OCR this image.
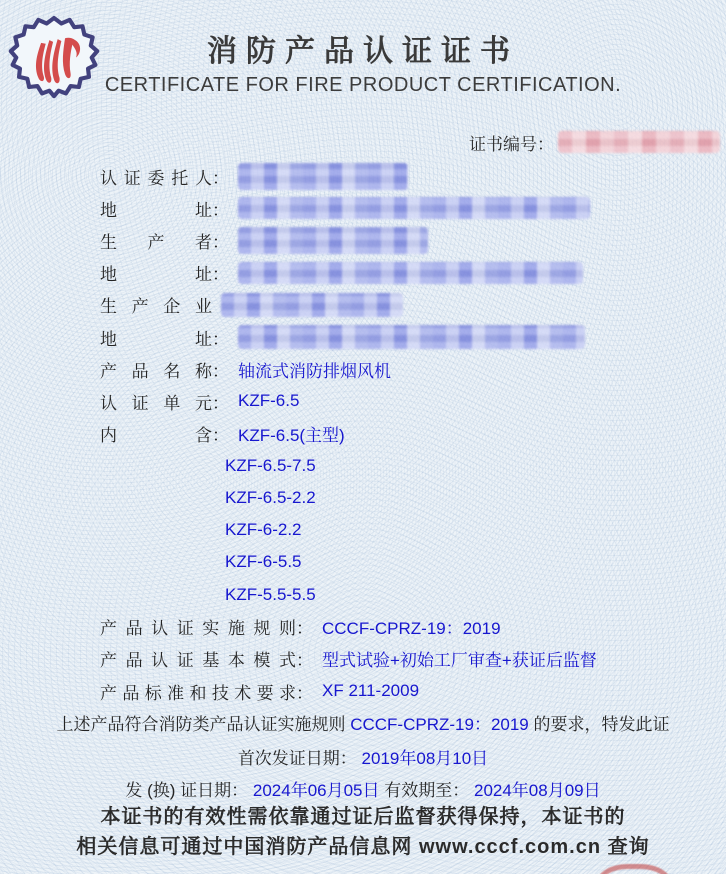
消防产品认证证书
CERTIFICATE FOR FIRE PRODUCT CERTIFICATION.
证书编号：
认证委托人 ：
地址 ：
生产者 ：
地址 ：
生产企业
地址 ：
产品名称 ： 轴流式消防排烟风机
认证单元 ： KZF-6.5
内含 ： KZF-6.5(主型)
KZF-6.5-7.5
KZF-6.5-2.2
KZF-6-2.2
KZF-6-5.5
KZF-5.5-5.5
产品认证实施规则 ： CCCF-CPRZ-19：2019
产品认证基本模式 ： 型式试验+初始工厂审查+获证后监督
产品标准和技术要求 ： XF 211-2009
上述产品符合消防类产品认证实施规则 CCCF-CPRZ-19：2019 的要求，特发此证
首次发证日期： 2019年08月10日
发 (换) 证日期： 2024年06月05日 有效期至： 2024年08月09日
本证书的有效性需依靠通过证后监督获得保持，本证书的
相关信息可通过中国消防产品信息网 www.cccf.com.cn 查询
